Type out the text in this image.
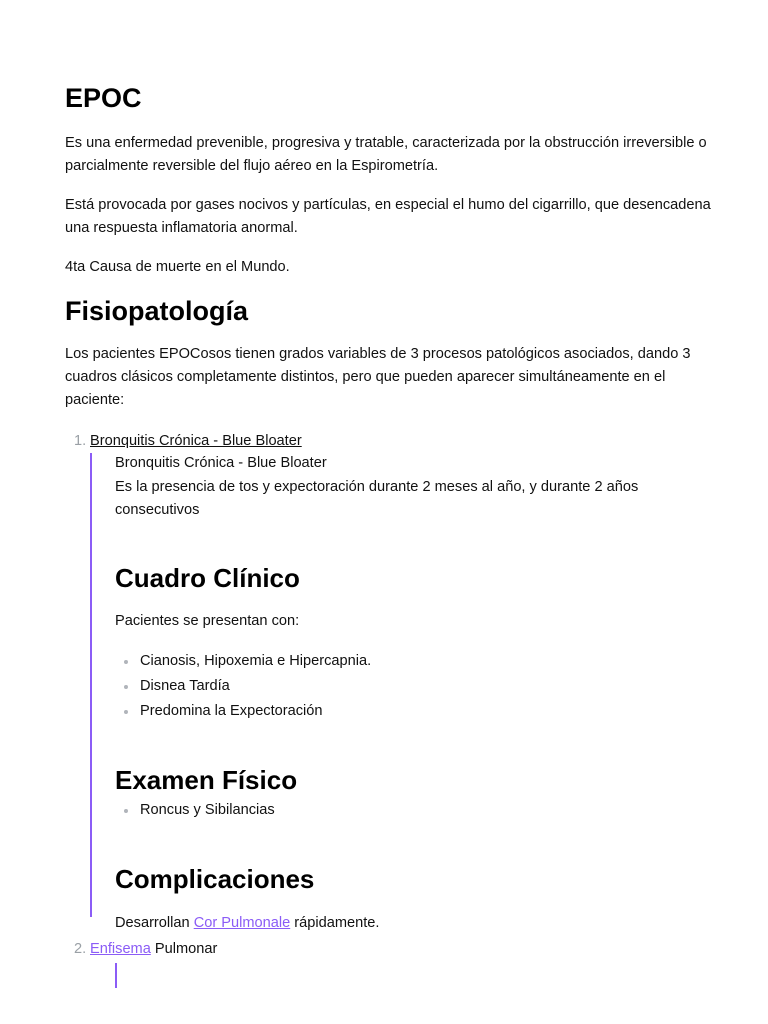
EPOC

Es una enfermedad prevenible, progresiva y tratable, caracterizada por la obstrucción irreversible o parcialmente reversible del flujo aéreo en la Espirometría.

Está provocada por gases nocivos y partículas, en especial el humo del cigarrillo, que desencadena una respuesta inflamatoria anormal.

4ta Causa de muerte en el Mundo.

Fisiopatología

Los pacientes EPOCosos tienen grados variables de 3 procesos patológicos asociados, dando 3 cuadros clásicos completamente distintos, pero que pueden aparecer simultáneamente en el paciente:

1. Bronquitis Crónica - Blue Bloater
Bronquitis Crónica - Blue Bloater

Es la presencia de tos y expectoración durante 2 meses al año, y durante 2 años consecutivos

Cuadro Clínico

Pacientes se presentan con:

Cianosis, Hipoxemia e Hipercapnia.
Disnea Tardía
Predomina la Expectoración
Examen Físico
Roncus y Sibilancias
Complicaciones

Desarrollan Cor Pulmonale rápidamente.

2. Enfisema Pulmonar
